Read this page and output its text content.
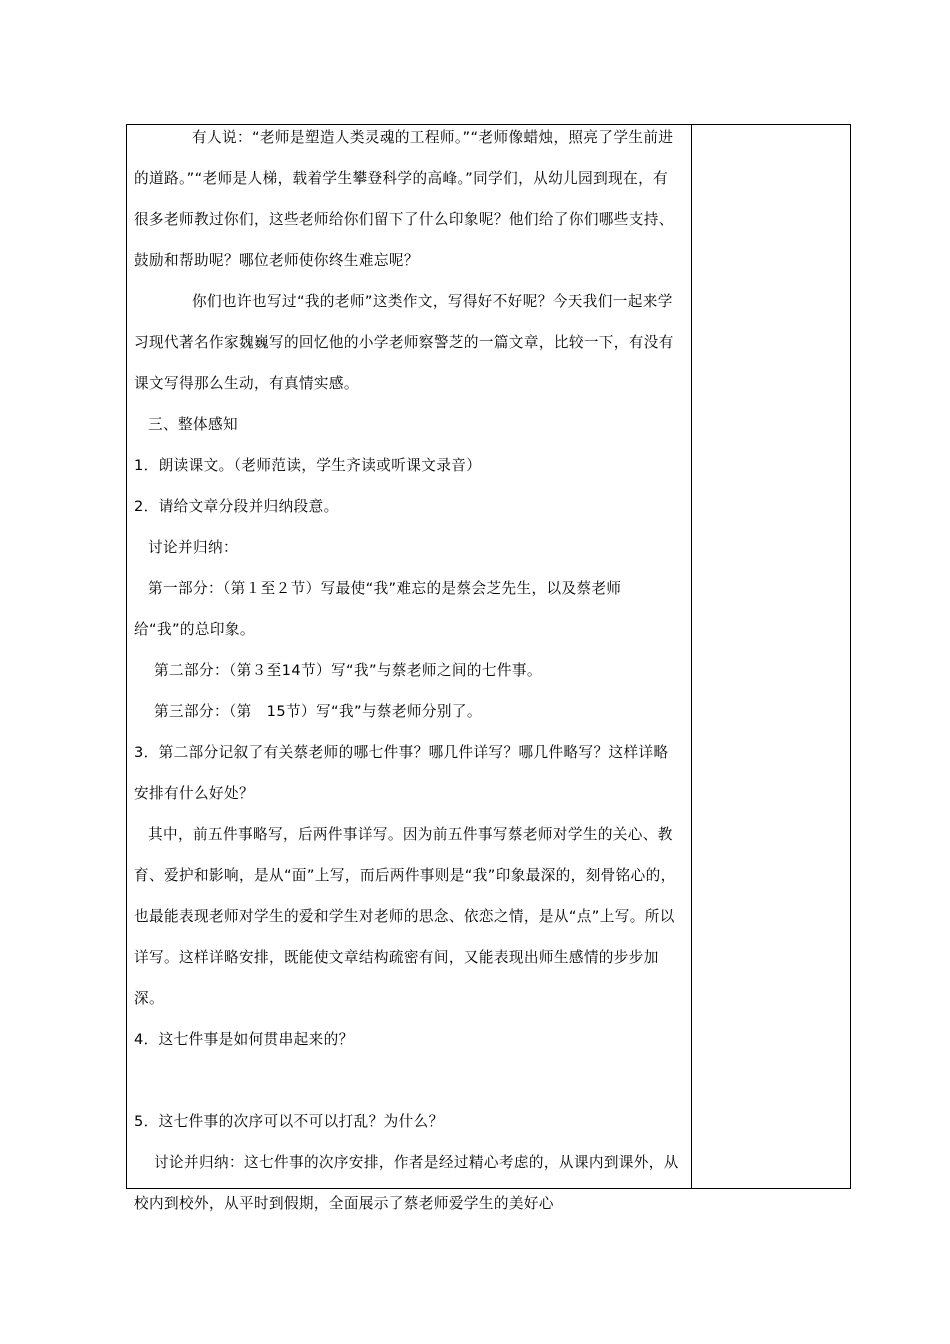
有人说：“老师是塑造人类灵魂的工程师。”“老师像蜡烛，照亮了学生前进的道路。”“老师是人梯，载着学生攀登科学的高峰。”同学们，从幼儿园到现在，有很多老师教过你们，这些老师给你们留下了什么印象呢？他们给了你们哪些支持、鼓励和帮助呢？哪位老师使你终生难忘呢？

你们也许也写过“我的老师”这类作文，写得好不好呢？今天我们一起来学习现代著名作家魏巍写的回忆他的小学老师察警芝的一篇文章，比较一下，有没有课文写得那么生动，有真情实感。

三、整体感知

1．朗读课文。（老师范读，学生齐读或听课文录音）

2．请给文章分段并归纳段意。

讨论并归纳：

第一部分：（第１至２节）写最使“我”难忘的是蔡会芝先生，以及蔡老师给“我”的总印象。

第二部分：（第３至14节）写“我”与蔡老师之间的七件事。

第三部分：（第　15节）写“我”与蔡老师分别了。

3．第二部分记叙了有关蔡老师的哪七件事？哪几件详写？哪几件略写？这样详略安排有什么好处？

其中，前五件事略写，后两件事详写。因为前五件事写蔡老师对学生的关心、教育、爱护和影响，是从“面”上写，而后两件事则是“我”印象最深的，刻骨铭心的，也最能表现老师对学生的爱和学生对老师的思念、依恋之情，是从“点”上写。所以详写。这样详略安排，既能使文章结构疏密有间，又能表现出师生感情的步步加深。

4．这七件事是如何贯串起来的？

5．这七件事的次序可以不可以打乱？为什么？

讨论并归纳：这七件事的次序安排，作者是经过精心考虑的，从课内到课外，从校内到校外，从平时到假期，全面展示了蔡老师爱学生的美好心
